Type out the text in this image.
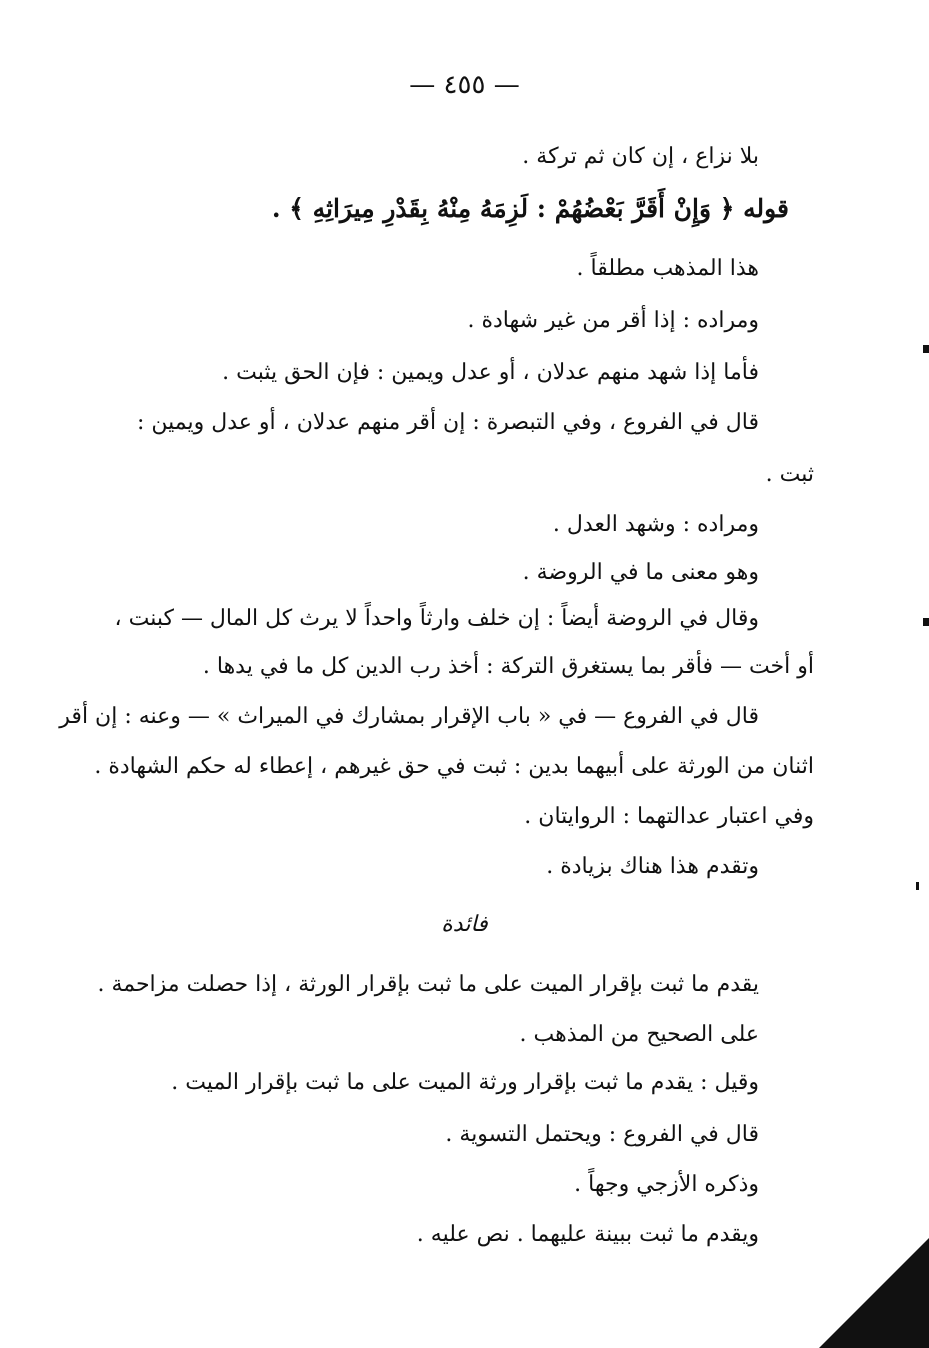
— ٤٥٥ —
بلا نزاع ، إن كان ثم تركة .
قوله ﴿ وَإِنْ أَقَرَّ بَعْضُهُمْ : لَزِمَهُ مِنْهُ بِقَدْرِ مِيرَاثِهِ ﴾ .
هذا المذهب مطلقاً .
ومراده : إذا أقر من غير شهادة .
فأما إذا شهد منهم عدلان ، أو عدل ويمين : فإن الحق يثبت .
قال في الفروع ، وفي التبصرة : إن أقر منهم عدلان ، أو عدل ويمين :
ثبت .
ومراده : وشهد العدل .
وهو معنى ما في الروضة .
وقال في الروضة أيضاً : إن خلف وارثاً واحداً لا يرث كل المال — كبنت ،
أو أخت — فأقر بما يستغرق التركة : أخذ رب الدين كل ما في يدها .
قال في الفروع — في « باب الإقرار بمشارك في الميراث » — وعنه : إن أقر
اثنان من الورثة على أبيهما بدين : ثبت في حق غيرهم ، إعطاء له حكم الشهادة .
وفي اعتبار عدالتهما : الروايتان .
وتقدم هذا هناك بزيادة .
فائدة
يقدم ما ثبت بإقرار الميت على ما ثبت بإقرار الورثة ، إذا حصلت مزاحمة .
على الصحيح من المذهب .
وقيل : يقدم ما ثبت بإقرار ورثة الميت على ما ثبت بإقرار الميت .
قال في الفروع : ويحتمل التسوية .
وذكره الأزجي وجهاً .
ويقدم ما ثبت ببينة عليهما . نص عليه .
